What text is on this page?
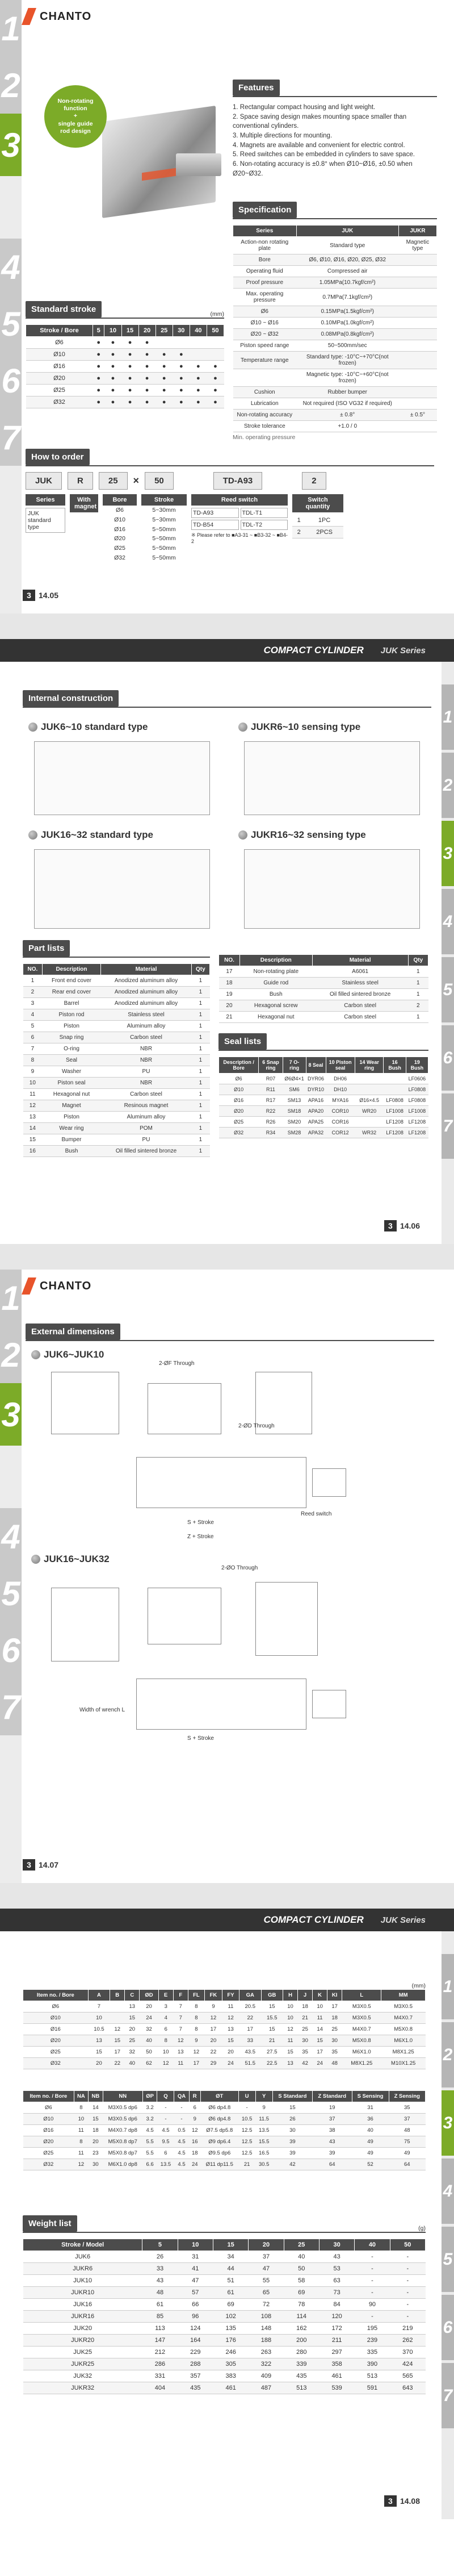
1
2
3
4
5
6
7
CHANTO
Non-rotating
function
+
single guide
rod design
Features
1. Rectangular compact housing and light weight.
2. Space saving design makes mounting space smaller than conventional cylinders.
3. Multiple directions for mounting.
4. Magnets are available and convenient for electric control.
5. Reed switches can be embedded in cylinders to save space.
6. Non-rotating accuracy is ±0.8° when Ø10~Ø16, ±0.50 when Ø20~Ø32.
Specification
Series	JUK	JUKR
Action-non rotating plate	Standard type	Magnetic type
Bore	Ø6, Ø10, Ø16, Ø20, Ø25, Ø32	
Operating fluid	Compressed air	
Proof pressure	1.05MPa(10.7kgf/cm²)	
Max. operating pressure	0.7MPa(7.1kgf/cm²)	
Ø6	0.15MPa(1.5kgf/cm²)	
Ø10 ~ Ø16	0.10MPa(1.0kgf/cm²)	
Ø20 ~ Ø32	0.08MPa(0.8kgf/cm²)	
Piston speed range	50~500mm/sec	
Temperature range	Standard type: -10°C~+70°C(not frozen)	
	Magnetic type: -10°C~+60°C(not frozen)	
Cushion	Rubber bumper	
Lubrication	Not required (ISO VG32 if required)	
Non-rotating accuracy	± 0.8°	± 0.5°
Stroke tolerance	+1.0 / 0	
Min. operating pressure
Standard stroke	(mm)
Stroke / Bore	5	10	15	20	25	30	40	50
Ø6	●	●	●	●				
Ø10	●	●	●	●	●	●		
Ø16	●	●	●	●	●	●	●	●
Ø20	●	●	●	●	●	●	●	●
Ø25	●	●	●	●	●	●	●	●
Ø32	●	●	●	●	●	●	●	●
How to order
JUK	R	25	×	50	TD-A93	2
Series
JUK standard type
With magnet
Bore
Ø6
Ø10
Ø16
Ø20
Ø25
Ø32
Stroke
5~30mm
5~30mm
5~50mm
5~50mm
5~50mm
5~50mm
Reed switch
TD-A93	TDL-T1
TD-B54	TDL-T2
※ Please refer to ■A3-31 ~ ■B3-32 ~ ■B4-2
Switch quantity
1	1PC
2	2PCS
3 14.05
COMPACT CYLINDER JUK Series
1
2
3
4
5
6
7
Internal construction
JUK6~10 standard type	JUKR6~10 sensing type
JUK16~32 standard type	JUKR16~32 sensing type
Part lists
NO.	Description	Material	Qty
1	Front end cover	Anodized aluminum alloy	1
2	Rear end cover	Anodized aluminum alloy	1
3	Barrel	Anodized aluminum alloy	1
4	Piston rod	Stainless steel	1
5	Piston	Aluminum alloy	1
6	Snap ring	Carbon steel	1
7	O-ring	NBR	1
8	Seal	NBR	1
9	Washer	PU	1
10	Piston seal	NBR	1
11	Hexagonal nut	Carbon steel	1
12	Magnet	Resinous magnet	1
13	Piston	Aluminum alloy	1
14	Wear ring	POM	1
15	Bumper	PU	1
16	Bush	Oil filled sintered bronze	1
NO.	Description	Material	Qty
17	Non-rotating plate	A6061	1
18	Guide rod	Stainless steel	1
19	Bush	Oil filled sintered bronze	1
20	Hexagonal screw	Carbon steel	2
21	Hexagonal nut	Carbon steel	1
Seal lists
Description / Bore	6 Snap ring	7 O-ring	8 Seal	10 Piston seal	14 Wear ring	16 Bush	19 Bush
Ø6	R07	Ø6Ø4×1	DYR06	DH06			LF0606
Ø10	R11	SM6	DYR10	DH10			LF0808
Ø16	R17	SM13	APA16	MYA16	Ø16×4.5	LF0808	LF0808
Ø20	R22	SM18	APA20	COR10	WR20	LF1008	LF1008
Ø25	R26	SM20	APA25	COR16		LF1208	LF1208
Ø32	R34	SM28	APA32	COR12	WR32	LF1208	LF1208
3 14.06
1
2
3
4
5
6
7
CHANTO
External dimensions
JUK6~JUK10
2-ØF Through
2-ØD Through
Reed switch
S + Stroke
Z + Stroke
JUK16~JUK32
2-ØO Through
Width of wrench L
S + Stroke
3 14.07
COMPACT CYLINDER JUK Series
1
2
3
4
5
6
7
(mm)
Item no. / Bore	A	B	C	ØD	E	F	FL	FK	FY	GA	GB	H	J	K	KI	L	MM
Ø6	7		13	20	3	7	8	9	11	20.5	15	10	18	10	17	M3X0.5	M3X0.5
Ø10	10		15	24	4	7	8	12	12	22	15.5	10	21	11	18	M3X0.5	M4X0.7
Ø16	10.5	12	20	32	6	7	8	17	13	17	15	12	25	14	25	M4X0.7	M5X0.8
Ø20	13	15	25	40	8	12	9	20	15	33	21	11	30	15	30	M5X0.8	M6X1.0
Ø25	15	17	32	50	10	13	12	22	20	43.5	27.5	15	35	17	35	M6X1.0	M8X1.25
Ø32	20	22	40	62	12	11	17	29	24	51.5	22.5	13	42	24	48	M8X1.25	M10X1.25
Item no. / Bore	NA	NB	NN	ØP	Q	QA	R	ØT	U	Y	S Standard	Z Standard	S Sensing	Z Sensing
Ø6	8	14	M3X0.5 dp6	3.2	-	-	6	Ø6 dp4.8	-	9	15	19	31	35
Ø10	10	15	M3X0.5 dp6	3.2	-	-	9	Ø6 dp4.8	10.5	11.5	26	37	36	37
Ø16	11	18	M4X0.7 dp8	4.5	4.5	0.5	12	Ø7.5 dp5.8	12.5	13.5	30	38	40	48
Ø20	8	20	M5X0.8 dp7	5.5	9.5	4.5	16	Ø9 dp6.4	12.5	15.5	39	43	49	75
Ø25	11	23	M5X0.8 dp7	5.5	6	4.5	18	Ø9.5 dp6	12.5	16.5	39	39	49	49
Ø32	12	30	M6X1.0 dp8	6.6	13.5	4.5	24	Ø11 dp11.5	21	30.5	42	64	52	64
Weight list	(g)
Stroke / Model	5	10	15	20	25	30	40	50
JUK6	26	31	34	37	40	43	-	-
JUKR6	33	41	44	47	50	53	-	-
JUK10	43	47	51	55	58	63	-	-
JUKR10	48	57	61	65	69	73	-	-
JUK16	61	66	69	72	78	84	90	-
JUKR16	85	96	102	108	114	120	-	-
JUK20	113	124	135	148	162	172	195	219
JUKR20	147	164	176	188	200	211	239	262
JUK25	212	229	246	263	280	297	335	370
JUKR25	286	288	305	322	339	358	390	424
JUK32	331	357	383	409	435	461	513	565
JUKR32	404	435	461	487	513	539	591	643
3 14.08
